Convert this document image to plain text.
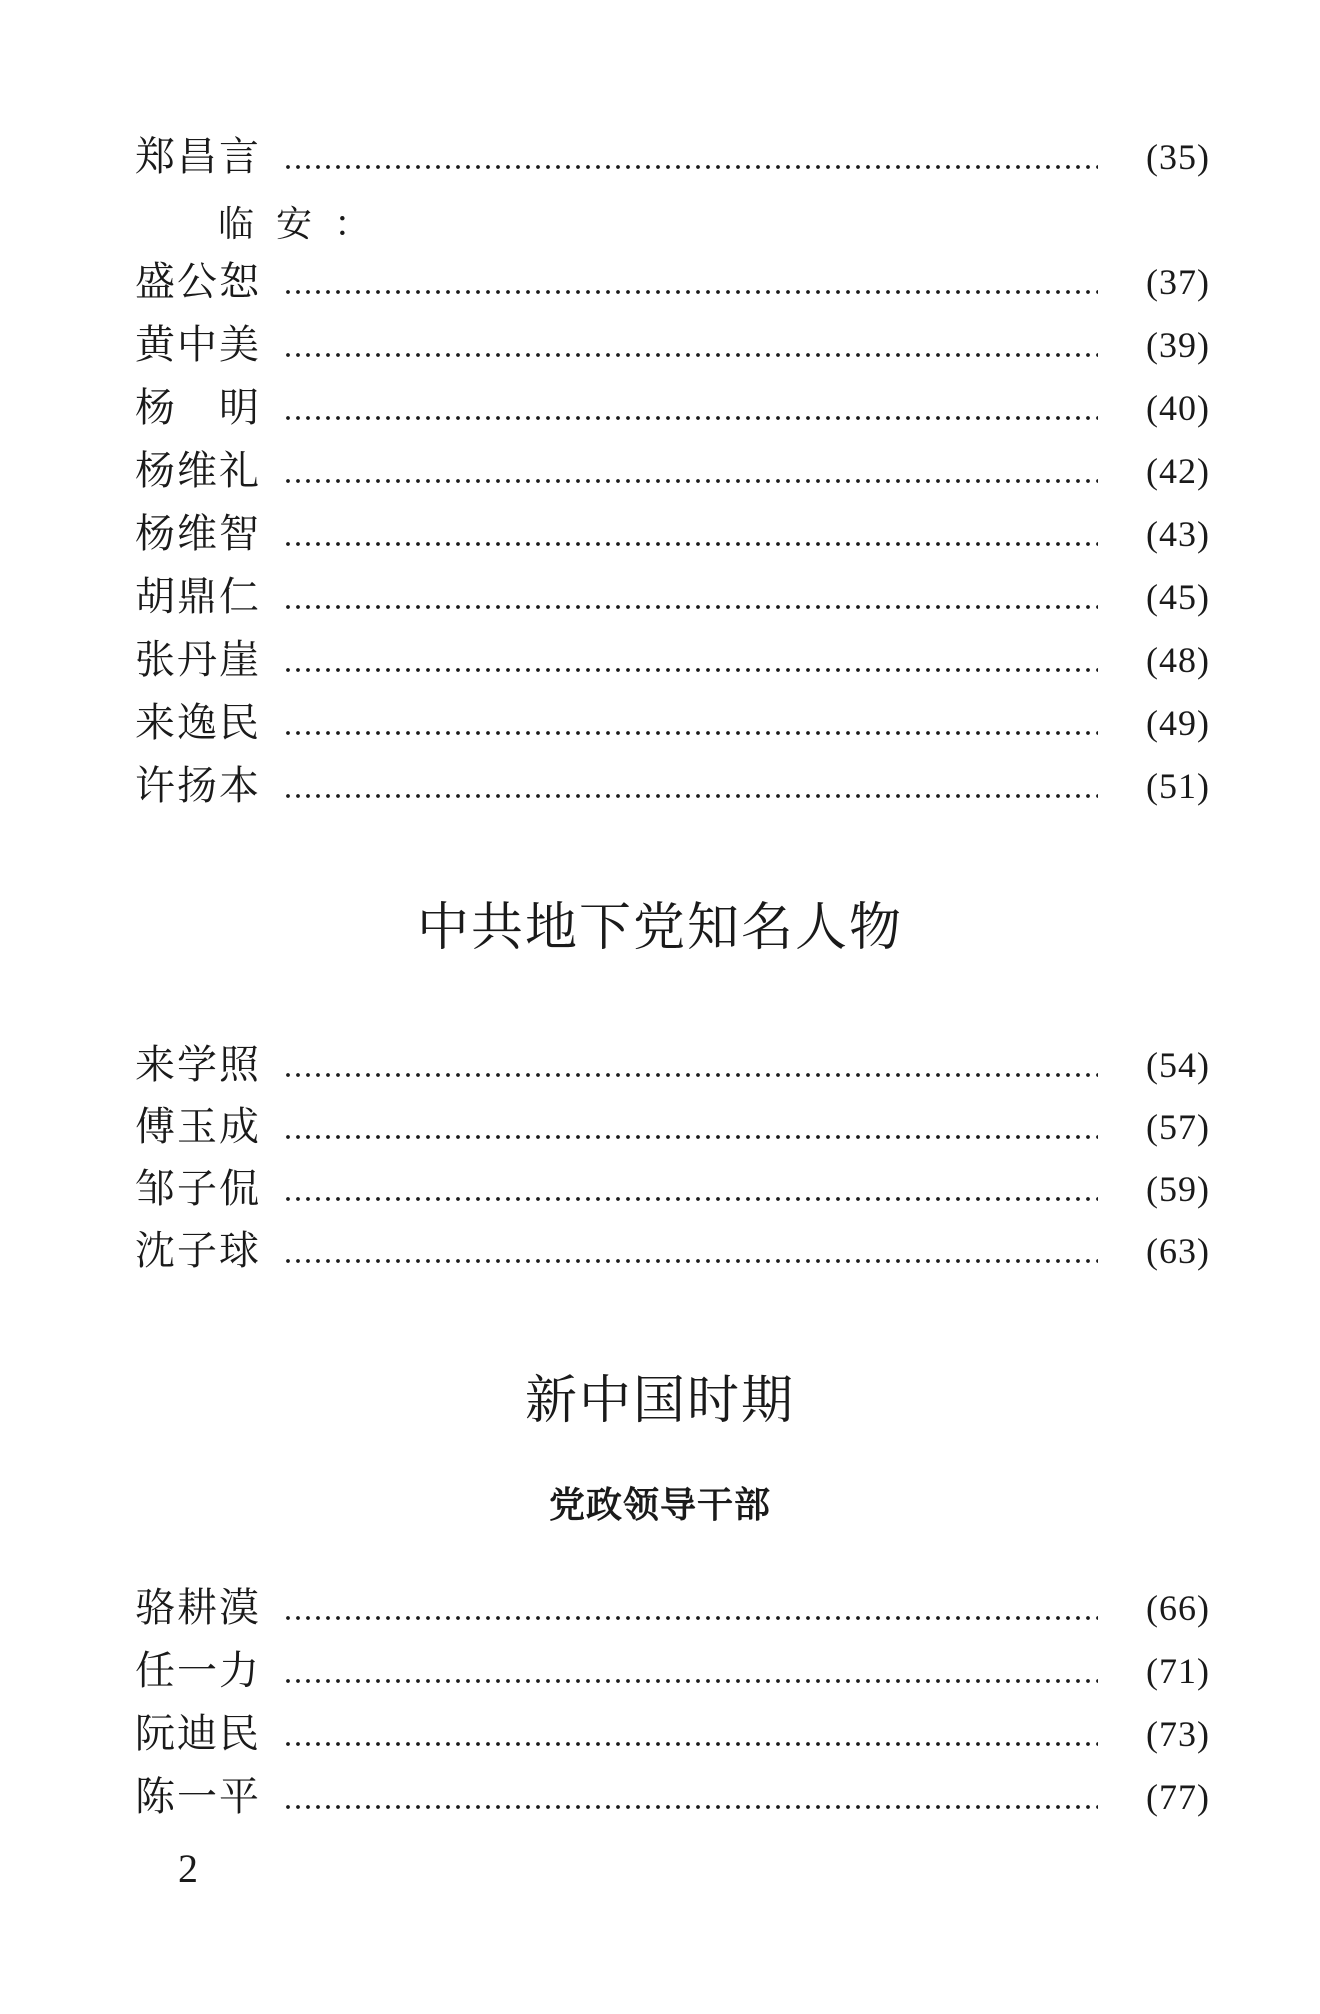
郑昌言	(35)
临安：
盛公恕	(37)
黄中美	(39)
杨　明	(40)
杨维礼	(42)
杨维智	(43)
胡鼎仁	(45)
张丹崖	(48)
来逸民	(49)
许扬本	(51)
中共地下党知名人物
来学照	(54)
傅玉成	(57)
邹子侃	(59)
沈子球	(63)
新中国时期
党政领导干部
骆耕漠	(66)
任一力	(71)
阮迪民	(73)
陈一平	(77)
2
